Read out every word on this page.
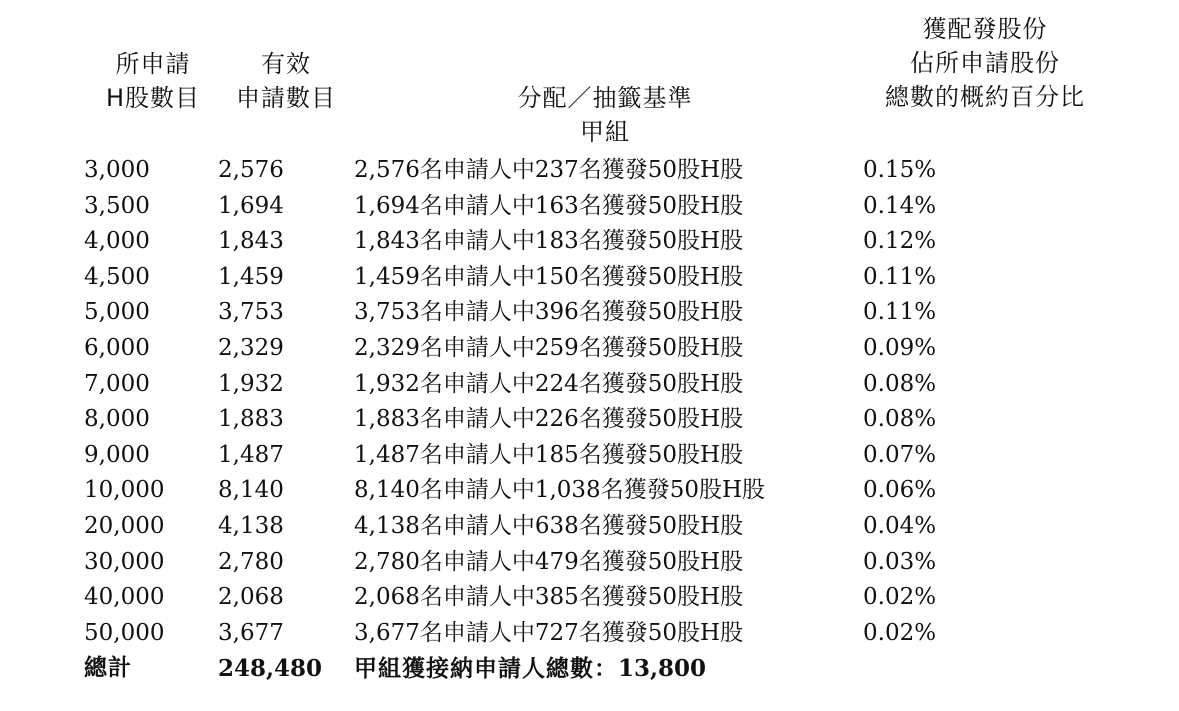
所申請
H股數目
有效
申請數目	分配／抽籤基準
獲配發股份
佔所申請股份
總數的概約百分比
甲組
3,000	2,576	2,576名申請人中237名獲發50股H股	0.15%
3,500	1,694	1,694名申請人中163名獲發50股H股	0.14%
4,000	1,843	1,843名申請人中183名獲發50股H股	0.12%
4,500	1,459	1,459名申請人中150名獲發50股H股	0.11%
5,000	3,753	3,753名申請人中396名獲發50股H股	0.11%
6,000	2,329	2,329名申請人中259名獲發50股H股	0.09%
7,000	1,932	1,932名申請人中224名獲發50股H股	0.08%
8,000	1,883	1,883名申請人中226名獲發50股H股	0.08%
9,000	1,487	1,487名申請人中185名獲發50股H股	0.07%
10,000 8,140	8,140名申請人中1,038名獲發50股H股	0.06%
20,000 4,138	4,138名申請人中638名獲發50股H股	0.04%
30,000 2,780	2,780名申請人中479名獲發50股H股	0.03%
40,000 2,068	2,068名申請人中385名獲發50股H股	0.02%
50,000 3,677	3,677名申請人中727名獲發50股H股	0.02%
總計	248,480 甲組獲接納申請人總數：13,800
